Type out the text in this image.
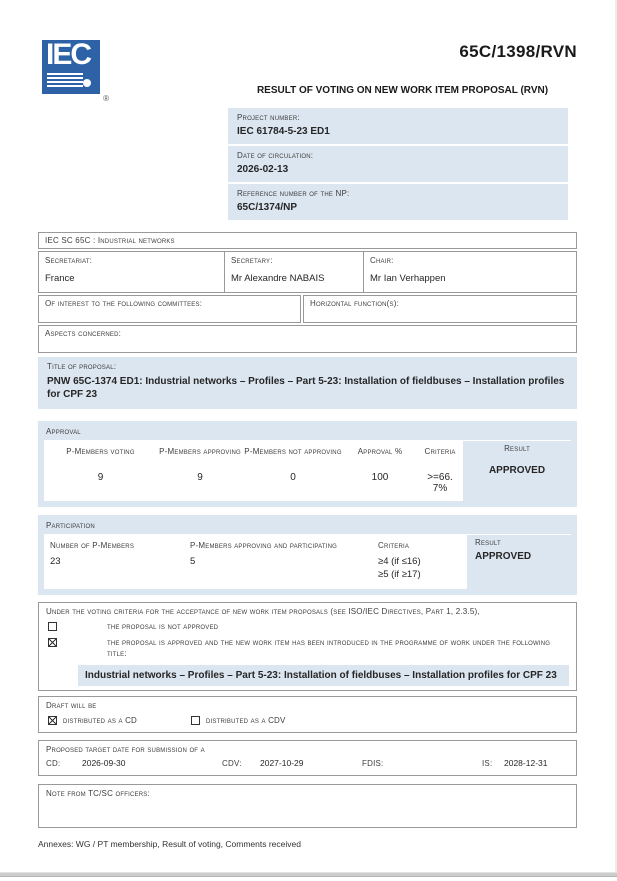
IEC
®
65C/1398/RVN
RESULT OF VOTING ON NEW WORK ITEM PROPOSAL (RVN)
Project number:
IEC 61784-5-23 ED1
Date of circulation:
2026-02-13
Reference number of the NP:
65C/1374/NP
IEC SC 65C : Industrial networks
Secretariat:
France
Secretary:
Mr Alexandre NABAIS
Chair:
Mr Ian Verhappen
Of interest to the following committees:	Horizontal function(s):
Aspects concerned:
Title of proposal:
PNW 65C-1374 ED1: Industrial networks – Profiles – Part 5-23: Installation of fieldbuses – Installation profiles for CPF 23
Approval
P-Members voting
9
P-Members approving
9
P-Members not approving
0
Approval %
100
Criteria
>=66.7%
Result
APPROVED
Participation
Number of P-Members
23
P-Members approving and participating
5
Criteria
≥4 (if ≤16)
≥5 (if ≥17)
Result
APPROVED
Under the voting criteria for the acceptance of new work item proposals (see ISO/IEC Directives, Part 1, 2.3.5),
the proposal is not approved
the proposal is approved and the new work item has been introduced in the programme of work under the following title:
Industrial networks – Profiles – Part 5-23: Installation of fieldbuses – Installation profiles for CPF 23
Draft will be
distributed as a CD	distributed as a CDV
Proposed target date for submission of a
CD:	2026-09-30	CDV:	2027-10-29	FDIS:	IS:	2028-12-31
Note from TC/SC officers:
Annexes: WG / PT membership, Result of voting, Comments received
